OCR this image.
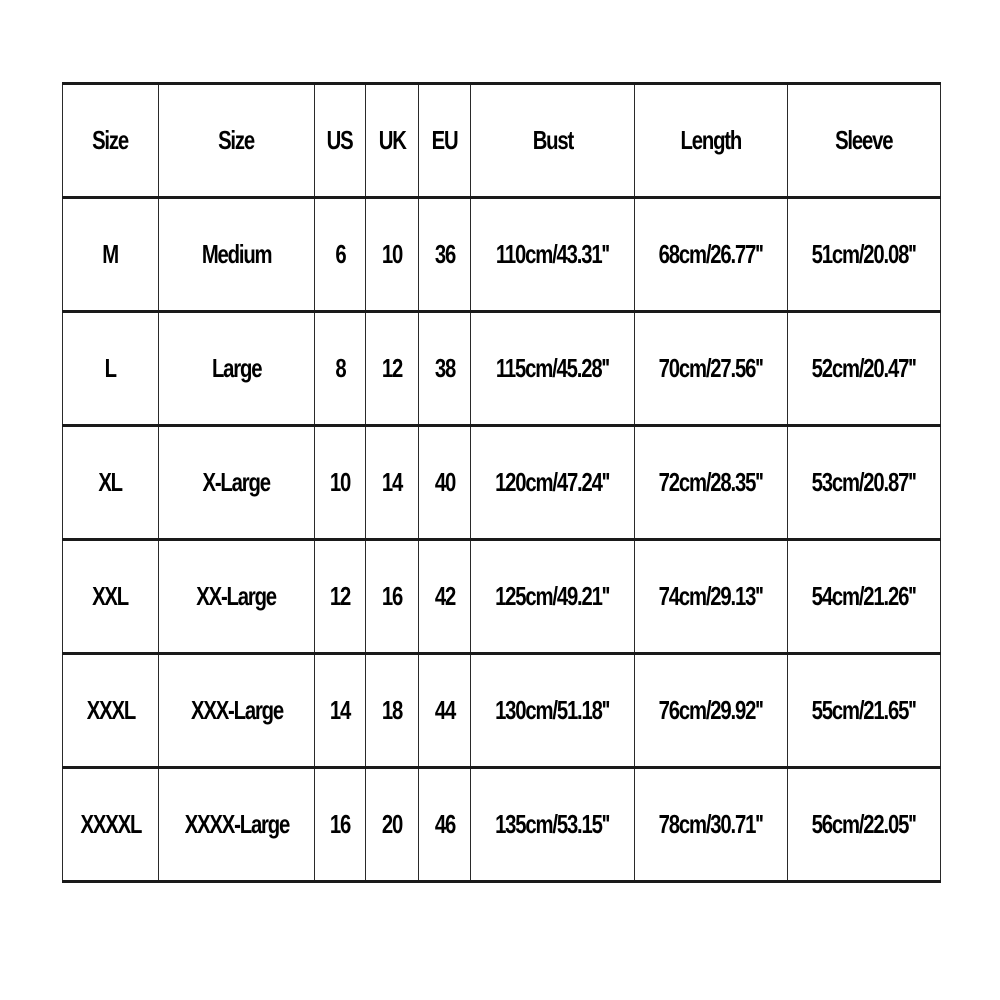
Size	Size	US	UK	EU	Bust	Length	Sleeve
M	Medium	6	10	36	110cm/43.31''	68cm/26.77''	51cm/20.08''
L	Large	8	12	38	115cm/45.28''	70cm/27.56''	52cm/20.47''
XL	X-Large	10	14	40	120cm/47.24''	72cm/28.35''	53cm/20.87''
XXL	XX-Large	12	16	42	125cm/49.21''	74cm/29.13''	54cm/21.26''
XXXL	XXX-Large	14	18	44	130cm/51.18''	76cm/29.92''	55cm/21.65''
XXXXL	XXXX-Large	16	20	46	135cm/53.15''	78cm/30.71''	56cm/22.05''
